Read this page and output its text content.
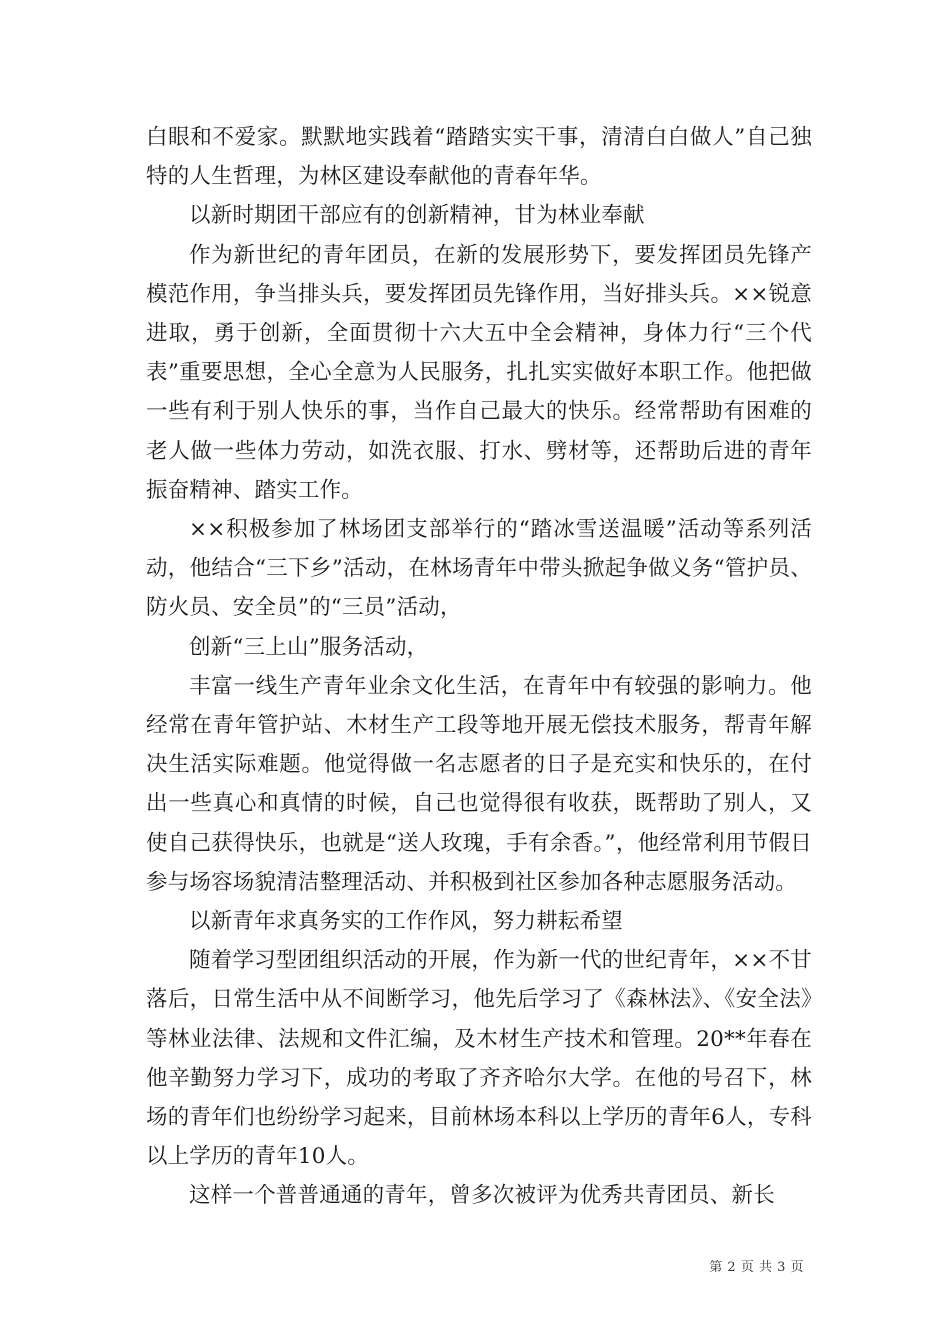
白眼和不爱家。默默地实践着“踏踏实实干事，清清白白做人”自己独特的人生哲理，为林区建设奉献他的青春年华。

以新时期团干部应有的创新精神，甘为林业奉献

作为新世纪的青年团员，在新的发展形势下，要发挥团员先锋产模范作用，争当排头兵，要发挥团员先锋作用，当好排头兵。××锐意进取，勇于创新，全面贯彻十六大五中全会精神，身体力行“三个代表”重要思想，全心全意为人民服务，扎扎实实做好本职工作。他把做一些有利于别人快乐的事，当作自己最大的快乐。经常帮助有困难的老人做一些体力劳动，如洗衣服、打水、劈材等，还帮助后进的青年振奋精神、踏实工作。

××积极参加了林场团支部举行的“踏冰雪送温暖”活动等系列活动，他结合“三下乡”活动，在林场青年中带头掀起争做义务“管护员、防火员、安全员”的“三员”活动，

创新“三上山”服务活动，

丰富一线生产青年业余文化生活，在青年中有较强的影响力。他经常在青年管护站、木材生产工段等地开展无偿技术服务，帮青年解决生活实际难题。他觉得做一名志愿者的日子是充实和快乐的，在付出一些真心和真情的时候，自己也觉得很有收获，既帮助了别人，又使自己获得快乐，也就是“送人玫瑰，手有余香。”，他经常利用节假日参与场容场貌清洁整理活动、并积极到社区参加各种志愿服务活动。

以新青年求真务实的工作作风，努力耕耘希望

随着学习型团组织活动的开展，作为新一代的世纪青年，××不甘落后，日常生活中从不间断学习，他先后学习了《森林法》、《安全法》等林业法律、法规和文件汇编，及木材生产技术和管理。20**年春在他辛勤努力学习下，成功的考取了齐齐哈尔大学。在他的号召下，林场的青年们也纷纷学习起来，目前林场本科以上学历的青年6人，专科以上学历的青年10人。

这样一个普普通通的青年，曾多次被评为优秀共青团员、新长

第 2 页 共 3 页
